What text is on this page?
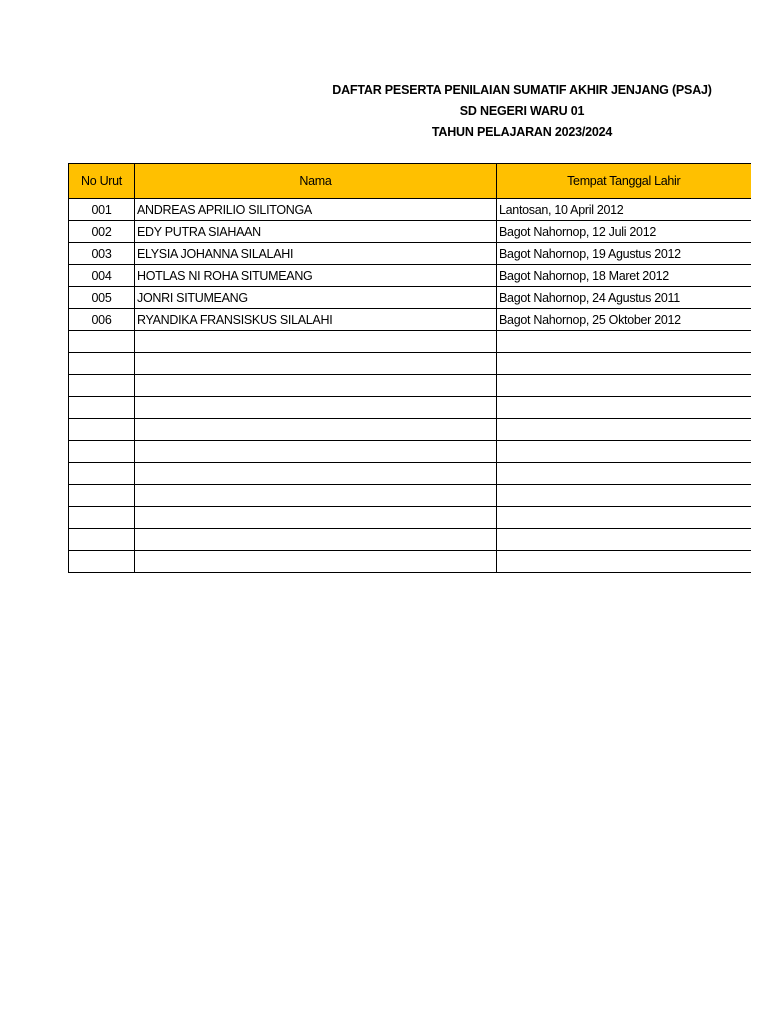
DAFTAR PESERTA PENILAIAN SUMATIF AKHIR JENJANG (PSAJ)
SD NEGERI WARU 01
TAHUN PELAJARAN 2023/2024
No Urut	Nama	Tempat Tanggal Lahir
001	ANDREAS APRILIO SILITONGA	Lantosan, 10 April 2012
002	EDY PUTRA SIAHAAN	Bagot Nahornop, 12 Juli 2012
003	ELYSIA JOHANNA SILALAHI	Bagot Nahornop, 19 Agustus 2012
004	HOTLAS NI ROHA SITUMEANG	Bagot Nahornop, 18 Maret 2012
005	JONRI SITUMEANG	Bagot Nahornop, 24 Agustus 2011
006	RYANDIKA FRANSISKUS SILALAHI	Bagot Nahornop, 25 Oktober 2012
